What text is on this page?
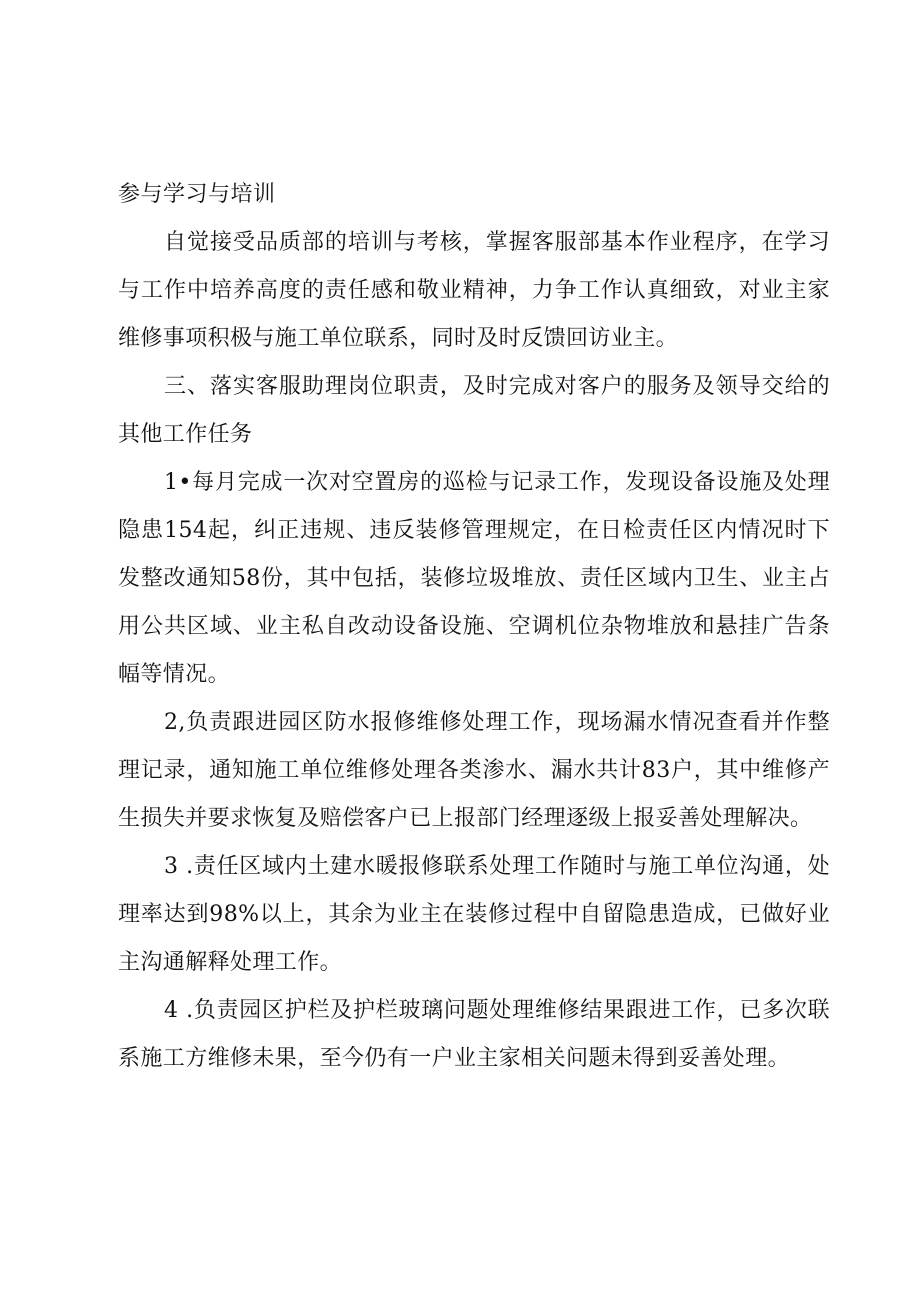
参与学习与培训

自觉接受品质部的培训与考核，掌握客服部基本作业程序，在学习与工作中培养高度的责任感和敬业精神，力争工作认真细致，对业主家维修事项积极与施工单位联系，同时及时反馈回访业主。

三、落实客服助理岗位职责，及时完成对客户的服务及领导交给的其他工作任务

1•每月完成一次对空置房的巡检与记录工作，发现设备设施及处理隐患154起，纠正违规、违反装修管理规定，在日检责任区内情况时下发整改通知58份，其中包括，装修垃圾堆放、责任区域内卫生、业主占用公共区域、业主私自改动设备设施、空调机位杂物堆放和悬挂广告条幅等情况。

2,负责跟进园区防水报修维修处理工作，现场漏水情况查看并作整理记录，通知施工单位维修处理各类渗水、漏水共计83户，其中维修产生损失并要求恢复及赔偿客户已上报部门经理逐级上报妥善处理解决。

3 .责任区域内土建水暖报修联系处理工作随时与施工单位沟通，处理率达到98%以上，其余为业主在装修过程中自留隐患造成，已做好业主沟通解释处理工作。

4 .负责园区护栏及护栏玻璃问题处理维修结果跟进工作，已多次联系施工方维修未果，至今仍有一户业主家相关问题未得到妥善处理。
